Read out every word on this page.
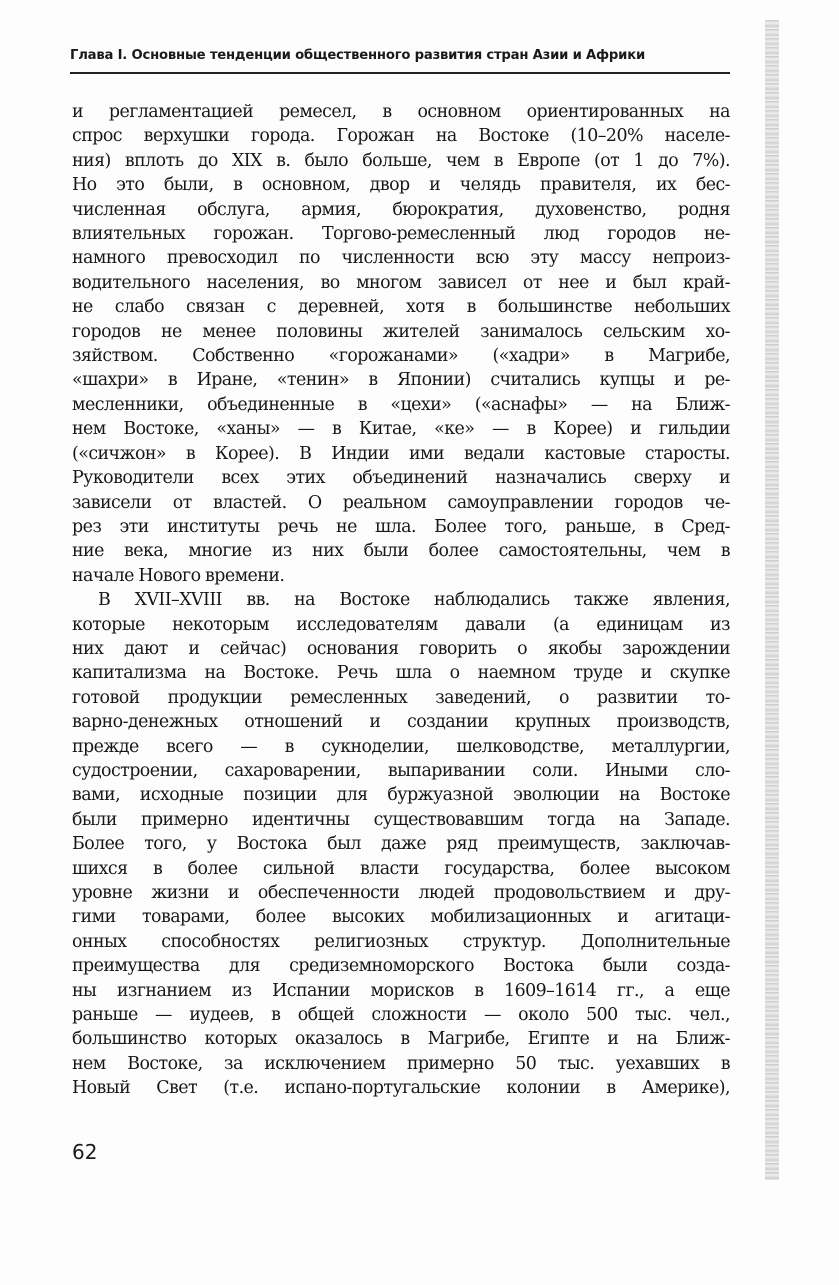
Глава I. Основные тенденции общественного развития стран Азии и Африки
и регламентацией ремесел, в основном ориентированных на
спрос верхушки города. Горожан на Востоке (10–20% населе-
ния) вплоть до XIX в. было больше, чем в Европе (от 1 до 7%).
Но это были, в основном, двор и челядь правителя, их бес-
численная обслуга, армия, бюрократия, духовенство, родня
влиятельных горожан. Торгово-ремесленный люд городов не-
намного превосходил по численности всю эту массу непроиз-
водительного населения, во многом зависел от нее и был край-
не слабо связан с деревней, хотя в большинстве небольших
городов не менее половины жителей занималось сельским хо-
зяйством. Собственно «горожанами» («хадри» в Магрибе,
«шахри» в Иране, «тенин» в Японии) считались купцы и ре-
месленники, объединенные в «цехи» («аснафы» — на Ближ-
нем Востоке, «ханы» — в Китае, «ке» — в Корее) и гильдии
(«сичжон» в Корее). В Индии ими ведали кастовые старосты.
Руководители всех этих объединений назначались сверху и
зависели от властей. О реальном самоуправлении городов че-
рез эти институты речь не шла. Более того, раньше, в Сред-
ние века, многие из них были более самостоятельны, чем в
начале Нового времени.
В XVII–XVIII вв. на Востоке наблюдались также явления,
которые некоторым исследователям давали (а единицам из
них дают и сейчас) основания говорить о якобы зарождении
капитализма на Востоке. Речь шла о наемном труде и скупке
готовой продукции ремесленных заведений, о развитии то-
варно-денежных отношений и создании крупных производств,
прежде всего — в сукноделии, шелководстве, металлургии,
судостроении, сахароварении, выпаривании соли. Иными сло-
вами, исходные позиции для буржуазной эволюции на Востоке
были примерно идентичны существовавшим тогда на Западе.
Более того, у Востока был даже ряд преимуществ, заключав-
шихся в более сильной власти государства, более высоком
уровне жизни и обеспеченности людей продовольствием и дру-
гими товарами, более высоких мобилизационных и агитаци-
онных способностях религиозных структур. Дополнительные
преимущества для средиземноморского Востока были созда-
ны изгнанием из Испании морисков в 1609–1614 гг., а еще
раньше — иудеев, в общей сложности — около 500 тыс. чел.,
большинство которых оказалось в Магрибе, Египте и на Ближ-
нем Востоке, за исключением примерно 50 тыс. уехавших в
Новый Свет (т.е. испано-португальские колонии в Америке),
62
